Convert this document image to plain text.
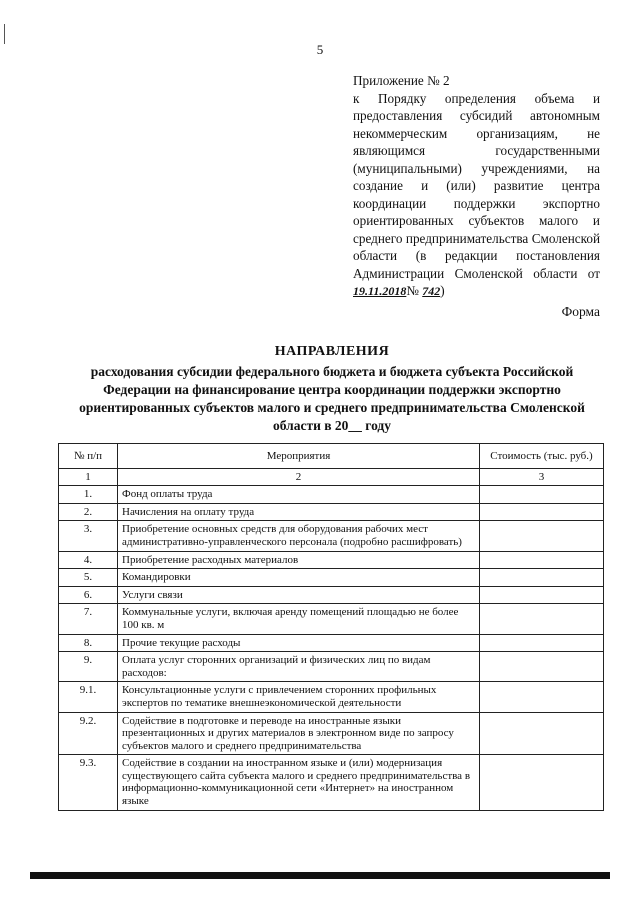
5
Приложение № 2
к Порядку определения объема и предоставления субсидий автономным некоммерческим организациям, не являющимся государственными (муниципальными) учреждениями, на создание и (или) развитие центра координации поддержки экспортно ориентированных субъектов малого и среднего предпринимательства Смоленской области (в редакции постановления Администрации Смоленской области от 19.11.2018№ 742)
Форма
НАПРАВЛЕНИЯ
расходования субсидии федерального бюджета и бюджета субъекта Российской Федерации на финансирование центра координации поддержки экспортно ориентированных субъектов малого и среднего предпринимательства Смоленской области в 20__ году
№ п/п	Мероприятия	Стоимость (тыс. руб.)
1	2	3
1.	Фонд оплаты труда	
2.	Начисления на оплату труда	
3.	Приобретение основных средств для оборудования рабочих мест административно-управленческого персонала (подробно расшифровать)	
4.	Приобретение расходных материалов	
5.	Командировки	
6.	Услуги связи	
7.	Коммунальные услуги, включая аренду помещений площадью не более 100 кв. м	
8.	Прочие текущие расходы	
9.	Оплата услуг сторонних организаций и физических лиц по видам расходов:	
9.1.	Консультационные услуги с привлечением сторонних профильных экспертов по тематике внешнеэкономической деятельности	
9.2.	Содействие в подготовке и переводе на иностранные языки презентационных и других материалов в электронном виде по запросу субъектов малого и среднего предпринимательства	
9.3.	Содействие в создании на иностранном языке и (или) модернизация существующего сайта субъекта малого и среднего предпринимательства в информационно-коммуникационной сети «Интернет» на иностранном языке	
